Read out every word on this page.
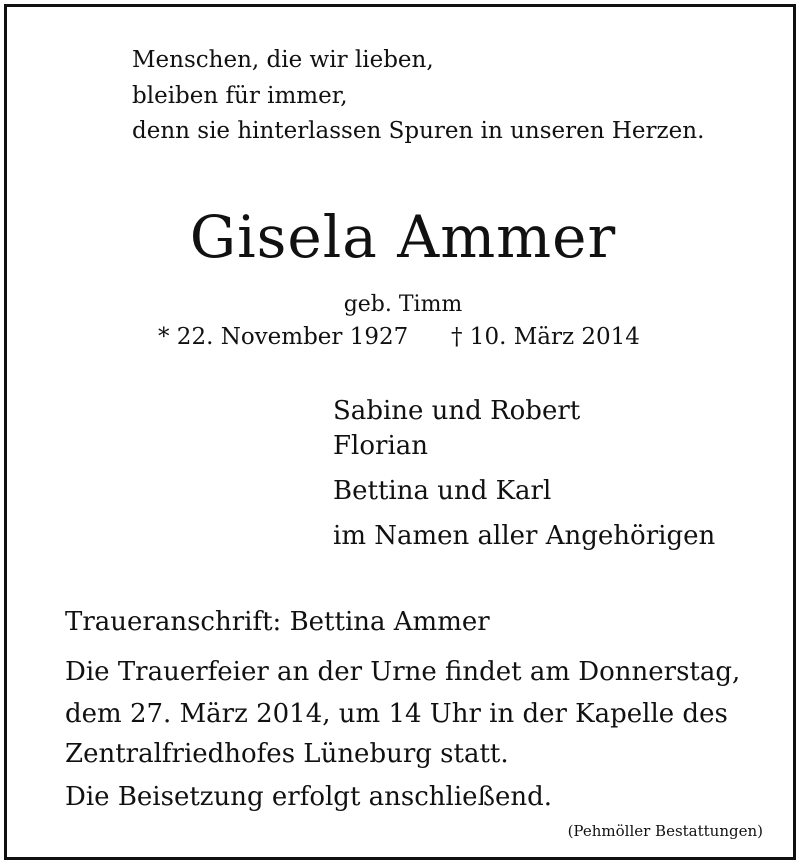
Menschen, die wir lieben,

bleiben für immer,

denn sie hinterlassen Spuren in unseren Herzen.

Gisela Ammer

geb. Timm

* 22. November 1927 † 10. März 2014

Sabine und Robert

Florian

Bettina und Karl

im Namen aller Angehörigen

Traueranschrift: Bettina Ammer

Die Trauerfeier an der Urne findet am Donnerstag,

dem 27. März 2014, um 14 Uhr in der Kapelle des

Zentralfriedhofes Lüneburg statt.

Die Beisetzung erfolgt anschließend.

(Pehmöller Bestattungen)
